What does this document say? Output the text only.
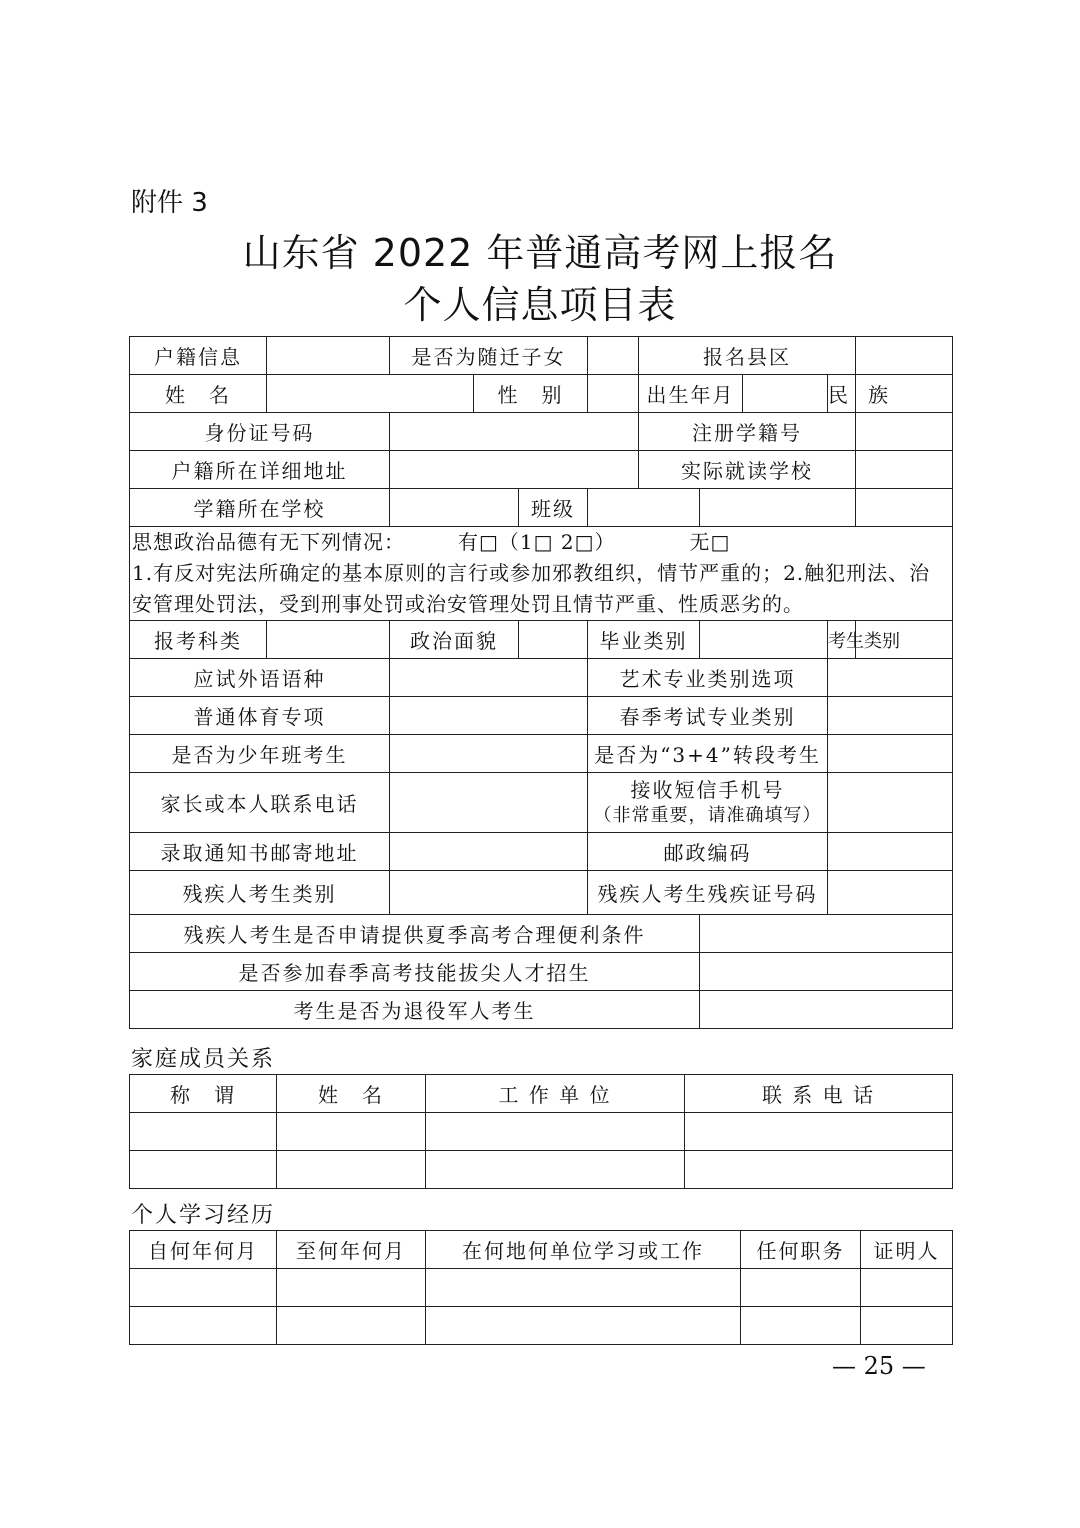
附件 3
山东省 2022 年普通高考网上报名
个人信息项目表
户籍信息		是否为随迁子女				报名县区				
姓　名			性　别			出生年月			民　族	
身份证号码						注册学籍号				
户籍所在详细地址						实际就读学校				
学籍所在学校				班级						

思想政治品德有无下列情况：　　　有□（1□ 2□）　　　　无□
1.有反对宪法所确定的基本原则的言行或参加邪教组织，情节严重的；2.触犯刑法、治安管理处罚法，受到刑事处罚或治安管理处罚且情节严重、性质恶劣的。										

报考科类		政治面貌			毕业类别				考生类别	
应试外语语种					艺术专业类别选项					
普通体育专项					春季考试专业类别					
是否为少年班考生					是否为“3+4”转段考生					
家长或本人联系电话					接收短信手机号
（非常重要，请准确填写）					

录取通知书邮寄地址					邮政编码					
残疾人考生类别					残疾人考生残疾证号码					
残疾人考生是否申请提供夏季高考合理便利条件										
是否参加春季高考技能拔尖人才招生										
考生是否为退役军人考生										
家庭成员关系
称　谓	姓　名	工 作 单 位	联 系 电 话

个人学习经历
自何年何月	至何年何月	在何地何单位学习或工作	任何职务	证明人

— 25 —
